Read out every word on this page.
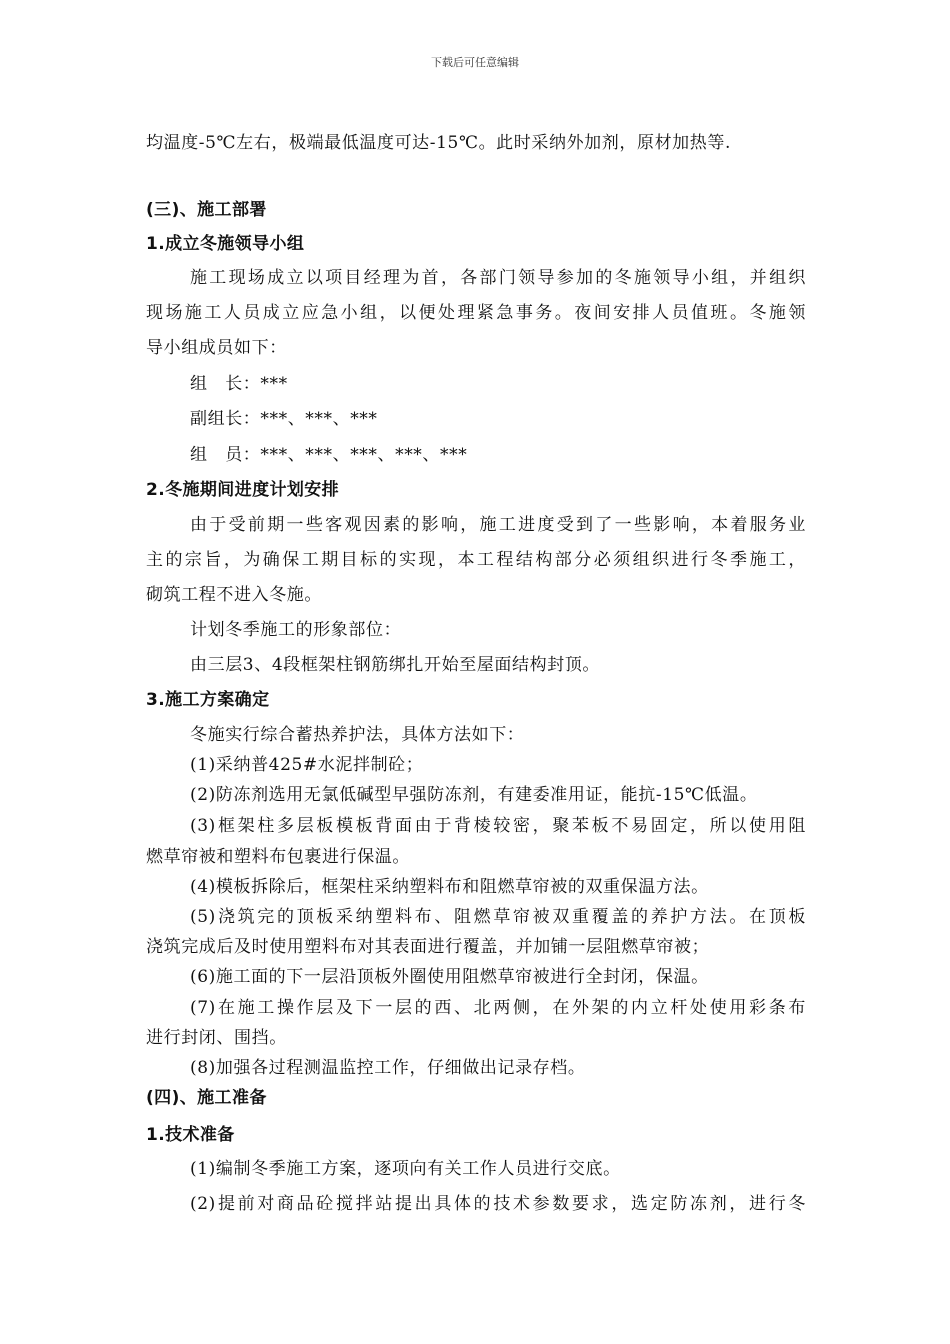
下载后可任意编辑
均温度-5℃左右，极端最低温度可达-15℃。此时采纳外加剂，原材加热等.
(三)、施工部署
1.成立冬施领导小组
施工现场成立以项目经理为首，各部门领导参加的冬施领导小组，并组织
现场施工人员成立应急小组，以便处理紧急事务。夜间安排人员值班。冬施领
导小组成员如下：
组　长：***
副组长：***、***、***
组　员：***、***、***、***、***
2.冬施期间进度计划安排
由于受前期一些客观因素的影响，施工进度受到了一些影响，本着服务业
主的宗旨，为确保工期目标的实现，本工程结构部分必须组织进行冬季施工，
砌筑工程不进入冬施。
计划冬季施工的形象部位：
由三层3、4段框架柱钢筋绑扎开始至屋面结构封顶。
3.施工方案确定
冬施实行综合蓄热养护法，具体方法如下：
(1)采纳普425#水泥拌制砼；
(2)防冻剂选用无氯低碱型早强防冻剂，有建委准用证，能抗-15℃低温。
(3)框架柱多层板模板背面由于背棱较密，聚苯板不易固定，所以使用阻
燃草帘被和塑料布包裹进行保温。
(4)模板拆除后，框架柱采纳塑料布和阻燃草帘被的双重保温方法。
(5)浇筑完的顶板采纳塑料布、阻燃草帘被双重覆盖的养护方法。在顶板
浇筑完成后及时使用塑料布对其表面进行覆盖，并加铺一层阻燃草帘被；
(6)施工面的下一层沿顶板外圈使用阻燃草帘被进行全封闭，保温。
(7)在施工操作层及下一层的西、北两侧，在外架的内立杆处使用彩条布
进行封闭、围挡。
(8)加强各过程测温监控工作，仔细做出记录存档。
(四)、施工准备
1.技术准备
(1)编制冬季施工方案，逐项向有关工作人员进行交底。
(2)提前对商品砼搅拌站提出具体的技术参数要求，选定防冻剂，进行冬
